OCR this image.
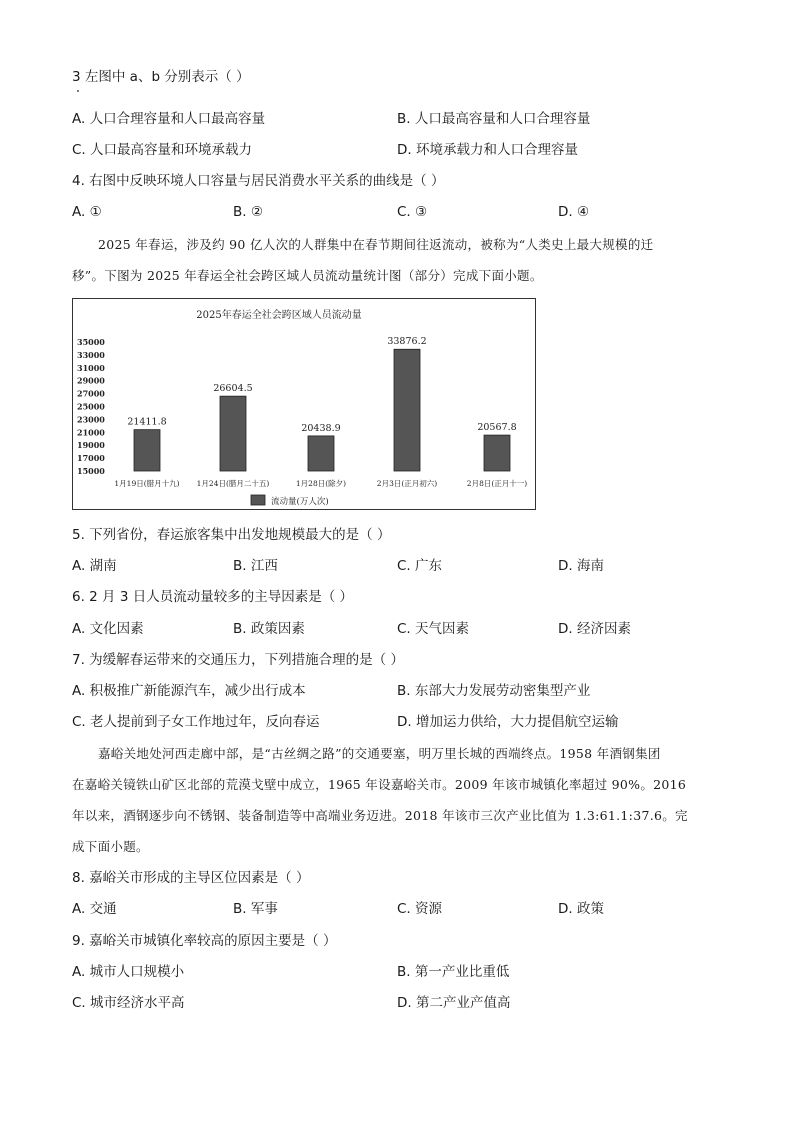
3 左图中 a、b 分别表示（ ）
A. 人口合理容量和人口最高容量	B. 人口最高容量和人口合理容量
C. 人口最高容量和环境承载力	D. 环境承载力和人口合理容量
4. 右图中反映环境人口容量与居民消费水平关系的曲线是（ ）
A. ①	B. ②	C. ③	D. ④
2025 年春运，涉及约 90 亿人次的人群集中在春节期间往返流动，被称为“人类史上最大规模的迁
移”。下图为 2025 年春运全社会跨区域人员流动量统计图（部分）完成下面小题。
2025年春运全社会跨区域人员流动量
35000
33000
31000
29000
27000
25000
23000
21000
19000
17000
15000
21411.8
1月19日(腊月十九)
26604.5
1月24日(腊月二十五)
20438.9
1月28日(除夕)
33876.2
2月3日(正月初六)
20567.8
2月8日(正月十一)
流动量(万人次)
5. 下列省份，春运旅客集中出发地规模最大的是（ ）
A. 湖南	B. 江西	C. 广东	D. 海南
6. 2 月 3 日人员流动量较多的主导因素是（ ）
A. 文化因素	B. 政策因素	C. 天气因素	D. 经济因素
7. 为缓解春运带来的交通压力，下列措施合理的是（ ）
A. 积极推广新能源汽车，减少出行成本	B. 东部大力发展劳动密集型产业
C. 老人提前到子女工作地过年，反向春运	D. 增加运力供给，大力提倡航空运输
嘉峪关地处河西走廊中部，是“古丝绸之路”的交通要塞，明万里长城的西端终点。1958 年酒钢集团
在嘉峪关镜铁山矿区北部的荒漠戈壁中成立，1965 年设嘉峪关市。2009 年该市城镇化率超过 90%。2016
年以来，酒钢逐步向不锈钢、装备制造等中高端业务迈进。2018 年该市三次产业比值为 1.3:61.1:37.6。完
成下面小题。
8. 嘉峪关市形成的主导区位因素是（ ）
A. 交通	B. 军事	C. 资源	D. 政策
9. 嘉峪关市城镇化率较高的原因主要是（ ）
A. 城市人口规模小	B. 第一产业比重低
C. 城市经济水平高	D. 第二产业产值高
